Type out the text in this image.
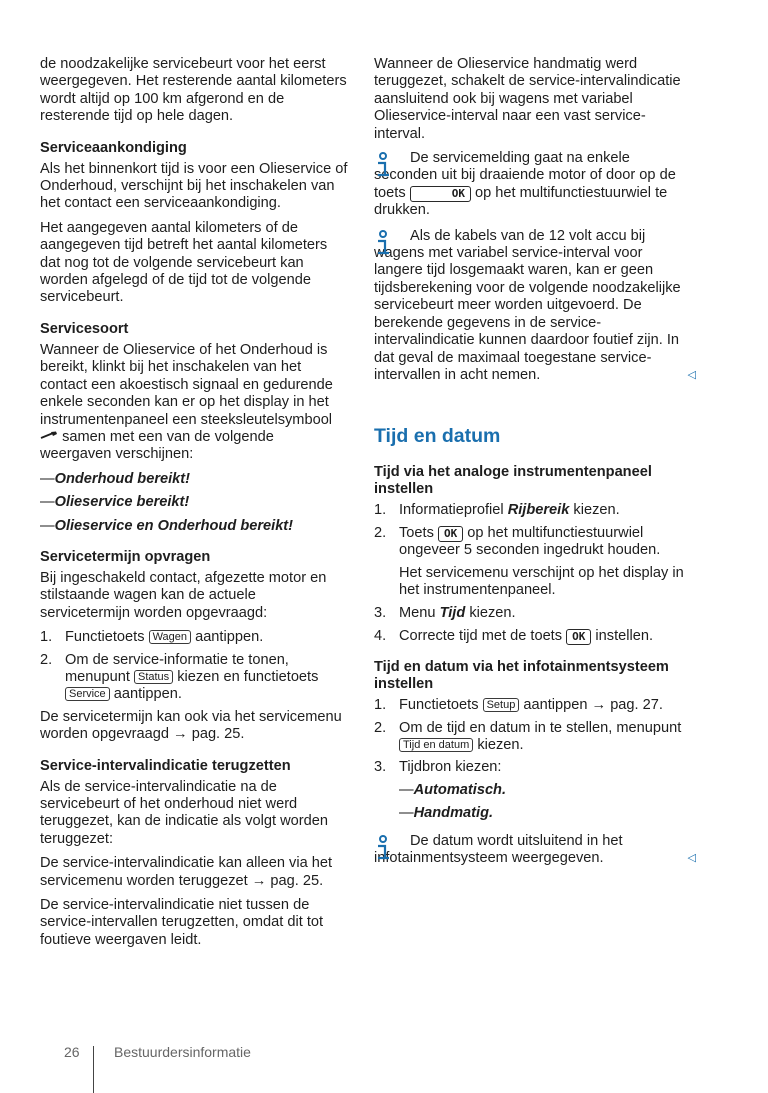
de noodzakelijke servicebeurt voor het eerst weergegeven. Het resterende aantal kilometers wordt altijd op 100 km afgerond en de resterende tijd op hele dagen.

Serviceaankondiging

Als het binnenkort tijd is voor een Olieservice of Onderhoud, verschijnt bij het inschakelen van het contact een serviceaankondiging.

Het aangegeven aantal kilometers of de aangegeven tijd betreft het aantal kilometers dat nog tot de volgende servicebeurt kan worden afgelegd of de tijd tot de volgende servicebeurt.

Servicesoort

Wanneer de Olieservice of het Onderhoud is bereikt, klinkt bij het inschakelen van het contact een akoestisch signaal en gedurende enkele seconden kan er op het display in het instrumentenpaneel een steeksleutelsymbool  samen met een van de volgende weergaven verschijnen:

—Onderhoud bereikt!
—Olieservice bereikt!
—Olieservice en Onderhoud bereikt!
Servicetermijn opvragen

Bij ingeschakeld contact, afgezette motor en stilstaande wagen kan de actuele servicetermijn worden opgevraagd:

1. Functietoets Wagen aantippen.
2. Om de service-informatie te tonen, menupunt Status kiezen en functietoets Service aantippen.

De servicetermijn kan ook via het servicemenu worden opgevraagd → pag. 25.

Service-intervalindicatie terugzetten

Als de service-intervalindicatie na de servicebeurt of het onderhoud niet werd teruggezet, kan de indicatie als volgt worden teruggezet:

De service-intervalindicatie kan alleen via het servicemenu worden teruggezet → pag. 25.

De service-intervalindicatie niet tussen de service-intervallen terugzetten, omdat dit tot foutieve weergaven leidt.

Wanneer de Olieservice handmatig werd teruggezet, schakelt de service-intervalindicatie aansluitend ook bij wagens met variabel Olieservice-interval naar een vast service-interval.

De servicemelding gaat na enkele seconden uit bij draaiende motor of door op de toets	OK op het multifunctiestuurwiel te drukken.
Als de kabels van de 12 volt accu bij wagens met variabel service-interval voor langere tijd losgemaakt waren, kan er geen tijdsberekening voor de volgende noodzakelijke servicebeurt meer worden uitgevoerd. De berekende gegevens in de service-intervalindicatie kunnen daardoor foutief zijn. In dat geval de maximaal toegestane service-intervallen in acht nemen.	◁
Tijd en datum
Tijd via het analoge instrumentenpaneel instellen
1. Informatieprofiel Rijbereik kiezen.
2. Toets OK op het multifunctiestuurwiel ongeveer 5 seconden ingedrukt houden.

Het servicemenu verschijnt op het display in het instrumentenpaneel.

3. Menu Tijd kiezen.
4. Correcte tijd met de toets OK instellen.
Tijd en datum via het infotainmentsysteem instellen
1. Functietoets Setup aantippen → pag. 27.
2. Om de tijd en datum in te stellen, menupunt Tijd en datum kiezen.
3. Tijdbron kiezen:
—Automatisch.
—Handmatig.
De datum wordt uitsluitend in het infotainmentsysteem weergegeven.	◁
26 Bestuurdersinformatie
